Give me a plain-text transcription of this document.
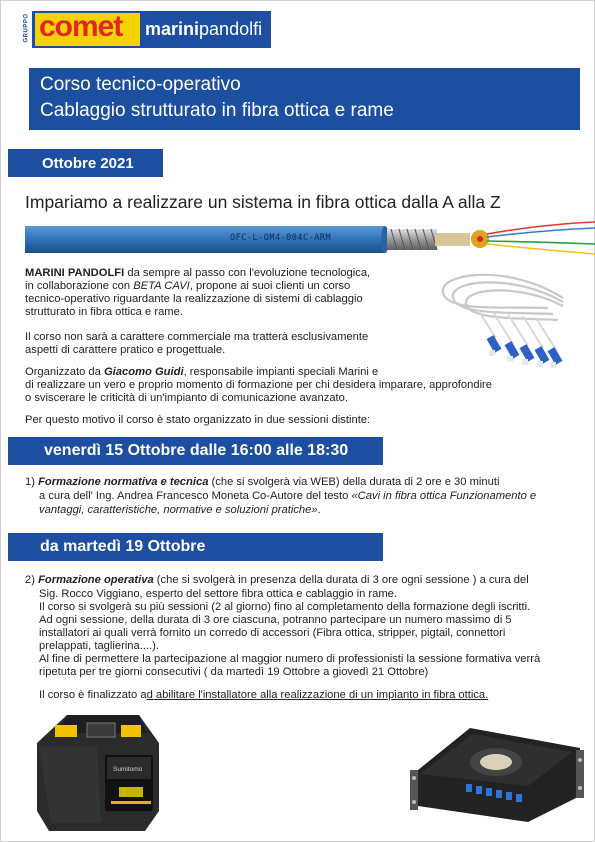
GRUPPO comet marinipandolfi
Corso tecnico-operativo
Cablaggio strutturato in fibra ottica e rame
Ottobre 2021
Impariamo a realizzare un sistema in fibra ottica dalla A alla Z
OFC-L-OM4-004C-ARM
MARINI PANDOLFI da sempre al passo con l'evoluzione tecnologica,
in collaborazione con BETA CAVI, propone ai suoi clienti un corso
tecnico-operativo riguardante la realizzazione di sistemi di cablaggio
strutturato in fibra ottica e rame.
Il corso non sarà a carattere commerciale ma tratterà esclusivamente
aspetti di carattere pratico e progettuale.
Organizzato da Giacomo Guidi, responsabile impianti speciali Marini e
di realizzare un vero e proprio momento di formazione per chi desidera imparare, approfondire
o sviscerare le criticità di un'impianto di comunicazione avanzato.
Per questo motivo il corso è stato organizzato in due sessioni distinte:
venerdì 15 Ottobre dalle 16:00 alle 18:30
1) Formazione normativa e tecnica (che si svolgerà via WEB) della durata di 2 ore e 30 minuti
a cura dell' Ing. Andrea Francesco Moneta Co-Autore del testo «Cavi in fibra ottica Funzionamento e
vantaggi, caratteristiche, normative e soluzioni pratiche».
da martedì 19 Ottobre
2) Formazione operativa (che si svolgerà in presenza della durata di 3 ore ogni sessione ) a cura del
Sig. Rocco Viggiano, esperto del settore fibra ottica e cablaggio in rame.
Il corso si svolgerà su più sessioni (2 al giorno) fino al completamento della formazione degli iscritti.
Ad ogni sessione, della durata di 3 ore ciascuna, potranno partecipare un numero massimo di 5
installatori ai quali verrà fornito un corredo di accessori (Fibra ottica, stripper, pigtail, connettori
prelappati, taglierina....).
Al fine di permettere la partecipazione al maggior numero di professionisti la sessione formativa verrà
ripetuta per tre giorni consecutivi ( da martedì 19 Ottobre a giovedì 21 Ottobre)
Il corso è finalizzato ad abilitare l'installatore alla realizzazione di un impianto in fibra ottica.
Sumitomo
